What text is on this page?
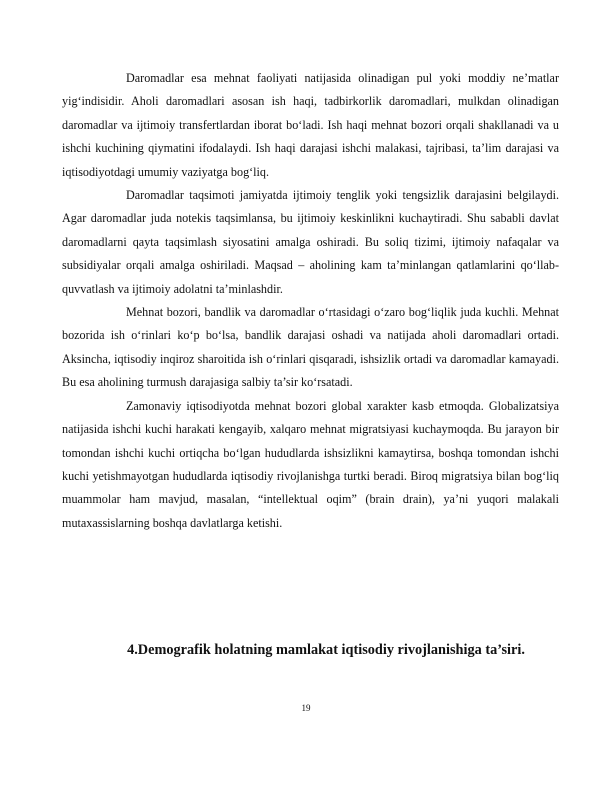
Daromadlar esa mehnat faoliyati natijasida olinadigan pul yoki moddiy ne’matlar yig‘indisidir. Aholi daromadlari asosan ish haqi, tadbirkorlik daromadlari, mulkdan olinadigan daromadlar va ijtimoiy transfertlardan iborat bo‘ladi. Ish haqi mehnat bozori orqali shakllanadi va u ishchi kuchining qiymatini ifodalaydi. Ish haqi darajasi ishchi malakasi, tajribasi, ta’lim darajasi va iqtisodiyotdagi umumiy vaziyatga bog‘liq.

Daromadlar taqsimoti jamiyatda ijtimoiy tenglik yoki tengsizlik darajasini belgilaydi. Agar daromadlar juda notekis taqsimlansa, bu ijtimoiy keskinlikni kuchaytiradi. Shu sababli davlat daromadlarni qayta taqsimlash siyosatini amalga oshiradi. Bu soliq tizimi, ijtimoiy nafaqalar va subsidiyalar orqali amalga oshiriladi. Maqsad – aholining kam ta’minlangan qatlamlarini qo‘llab-quvvatlash va ijtimoiy adolatni ta’minlashdir.

Mehnat bozori, bandlik va daromadlar o‘rtasidagi o‘zaro bog‘liqlik juda kuchli. Mehnat bozorida ish o‘rinlari ko‘p bo‘lsa, bandlik darajasi oshadi va natijada aholi daromadlari ortadi. Aksincha, iqtisodiy inqiroz sharoitida ish o‘rinlari qisqaradi, ishsizlik ortadi va daromadlar kamayadi. Bu esa aholining turmush darajasiga salbiy ta’sir ko‘rsatadi.

Zamonaviy iqtisodiyotda mehnat bozori global xarakter kasb etmoqda. Globalizatsiya natijasida ishchi kuchi harakati kengayib, xalqaro mehnat migratsiyasi kuchaymoqda. Bu jarayon bir tomondan ishchi kuchi ortiqcha bo‘lgan hududlarda ishsizlikni kamaytirsa, boshqa tomondan ishchi kuchi yetishmayotgan hududlarda iqtisodiy rivojlanishga turtki beradi. Biroq migratsiya bilan bog‘liq muammolar ham mavjud, masalan, “intellektual oqim” (brain drain), ya’ni yuqori malakali mutaxassislarning boshqa davlatlarga ketishi.

4.Demografik holatning mamlakat iqtisodiy rivojlanishiga ta’siri.
19
